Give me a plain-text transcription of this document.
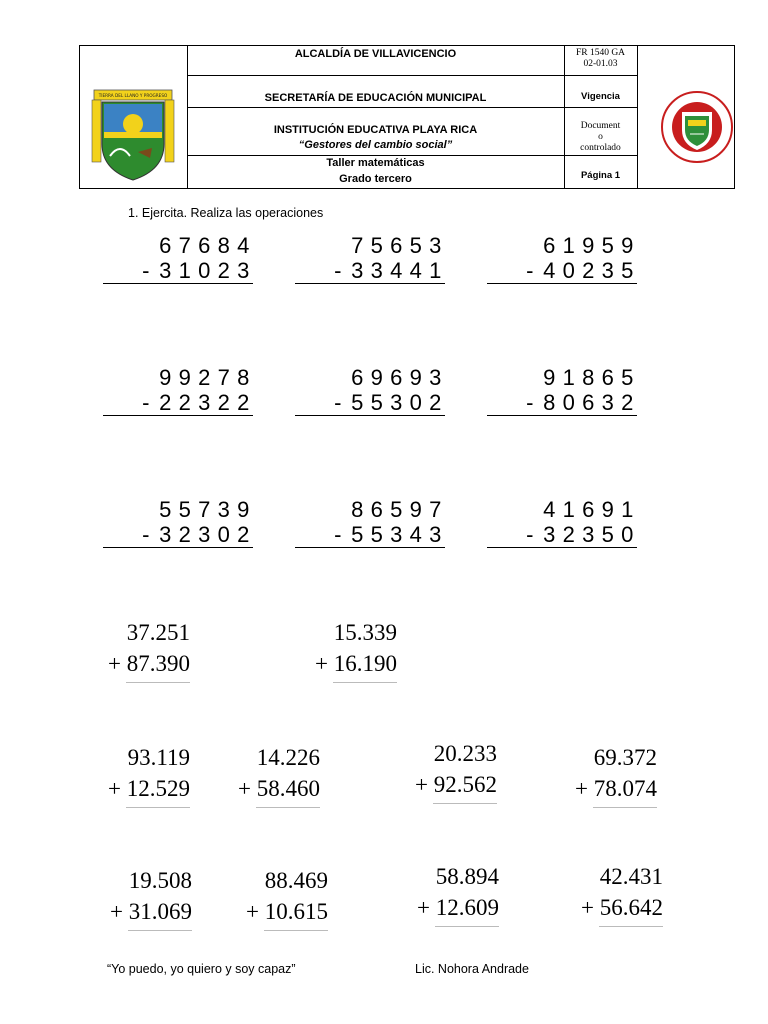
ALCALDÍA DE VILLAVICENCIO
SECRETARÍA DE EDUCACIÓN MUNICIPAL
INSTITUCIÓN EDUCATIVA PLAYA RICA
“Gestores del cambio social”
Taller matemáticas
Grado tercero
FR 1540 GA
02-01.03
Vigencia
Document
o
controlado
Página 1
TIERRA DEL LLANO Y PROGRESO
1. Ejercita. Realiza las operaciones
6 7 6 8 4
- 3 1 0 2 3
7 5 6 5 3
- 3 3 4 4 1
6 1 9 5 9
- 4 0 2 3 5
9 9 2 7 8
- 2 2 3 2 2
6 9 6 9 3
- 5 5 3 0 2
9 1 8 6 5
- 8 0 6 3 2
5 5 7 3 9
- 3 2 3 0 2
8 6 5 9 7
- 5 5 3 4 3
4 1 6 9 1
- 3 2 3 5 0
37.251
+ 87.390
15.339
+ 16.190
93.119
+ 12.529
14.226
+ 58.460
20.233
+ 92.562
69.372
+ 78.074
19.508
+ 31.069
88.469
+ 10.615
58.894
+ 12.609
42.431
+ 56.642
“Yo puedo, yo quiero y soy capaz”	Lic. Nohora Andrade
